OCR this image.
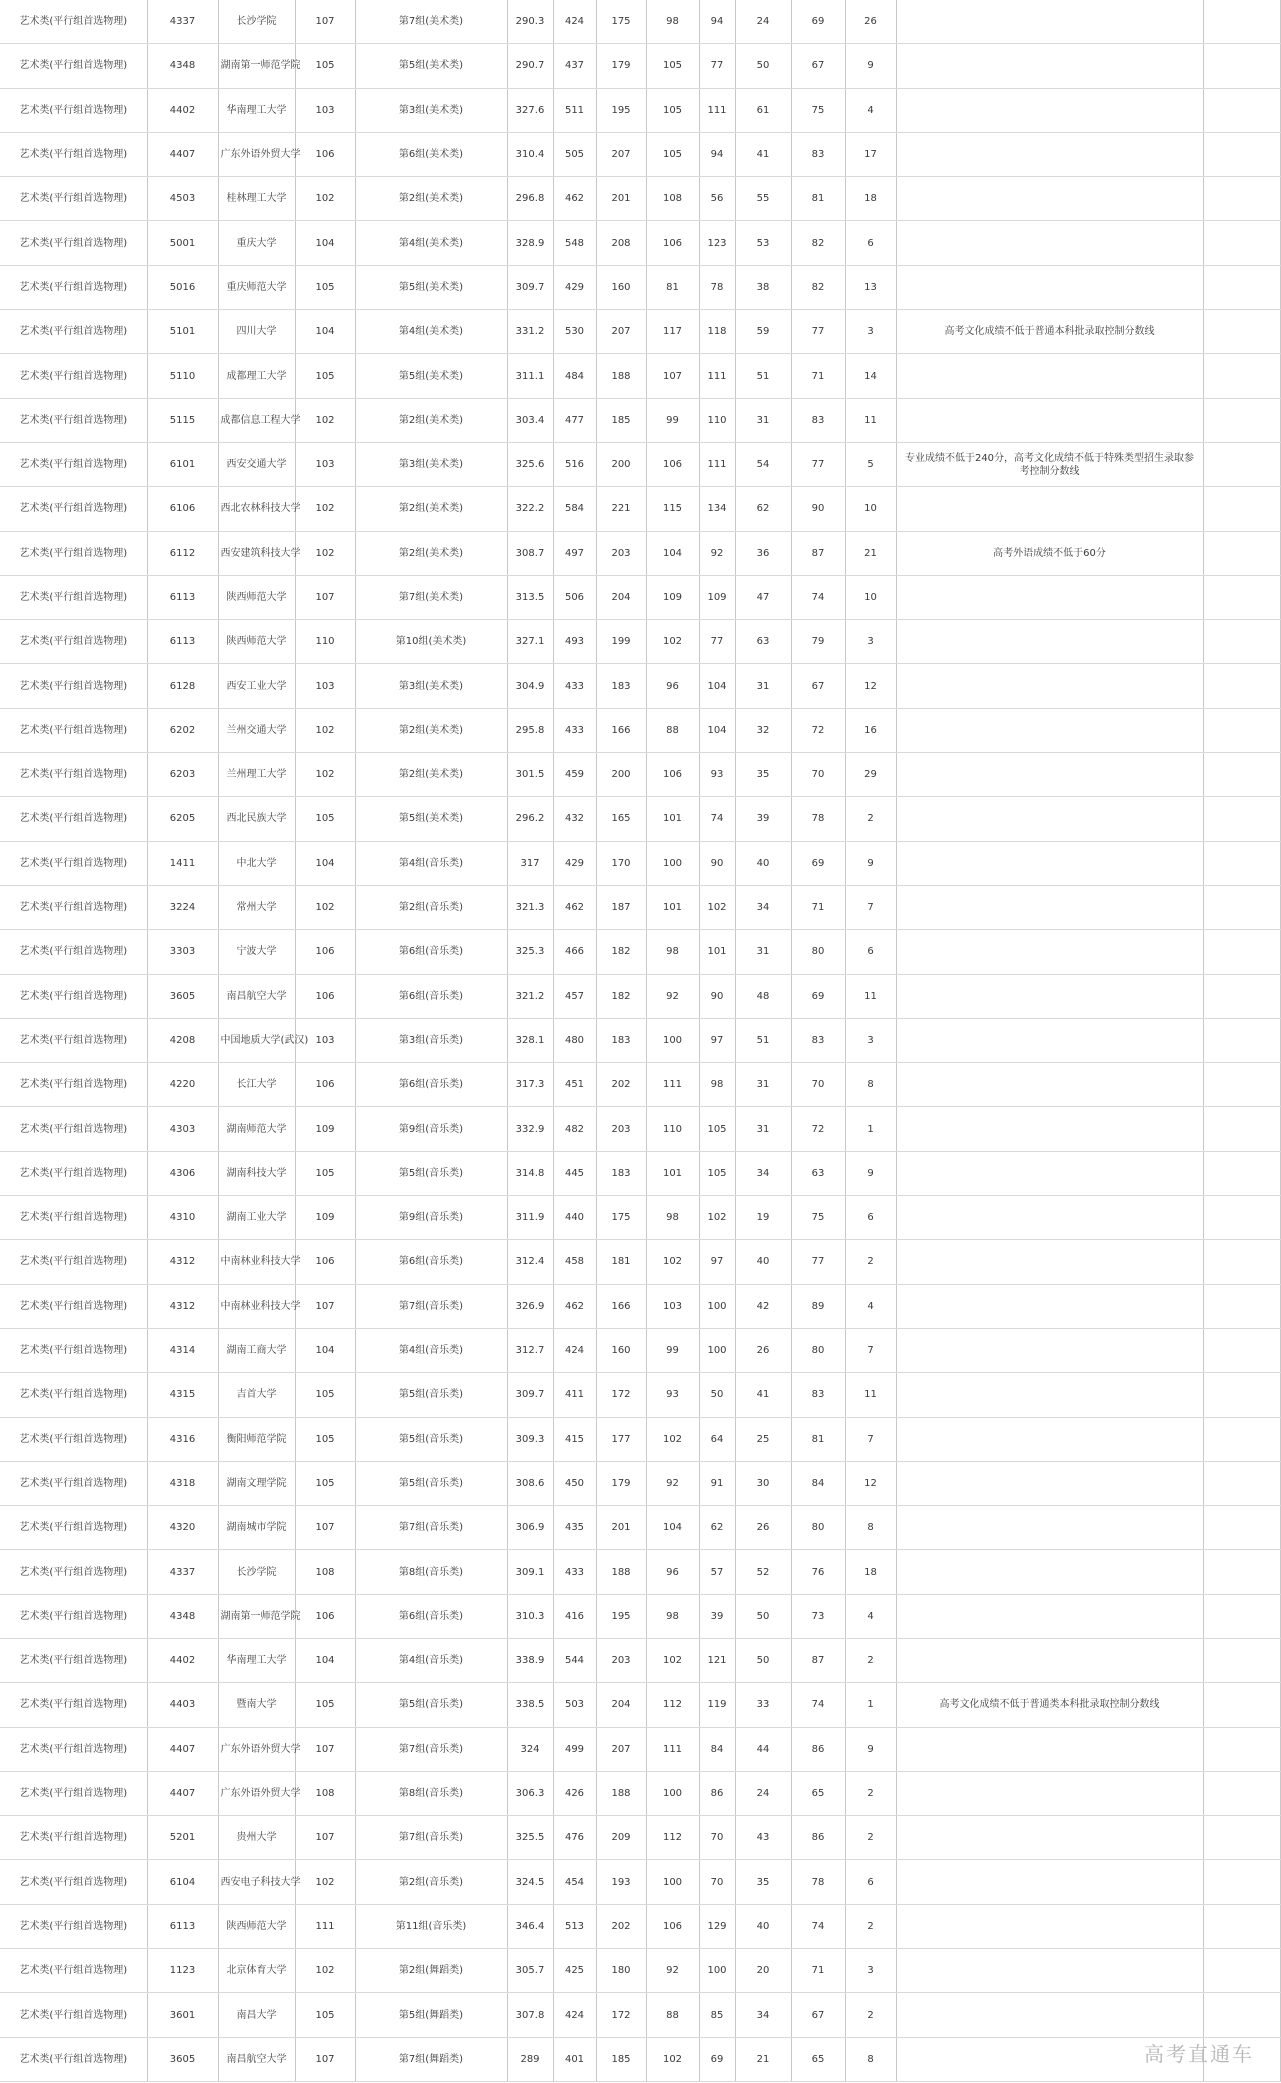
艺术类(平行组首选物理)	4337	长沙学院	107	第7组(美术类)	290.3	424	175	98	94	24	69	26		
艺术类(平行组首选物理)	4348	湖南第一师范学院	105	第5组(美术类)	290.7	437	179	105	77	50	67	9		
艺术类(平行组首选物理)	4402	华南理工大学	103	第3组(美术类)	327.6	511	195	105	111	61	75	4		
艺术类(平行组首选物理)	4407	广东外语外贸大学	106	第6组(美术类)	310.4	505	207	105	94	41	83	17		
艺术类(平行组首选物理)	4503	桂林理工大学	102	第2组(美术类)	296.8	462	201	108	56	55	81	18		
艺术类(平行组首选物理)	5001	重庆大学	104	第4组(美术类)	328.9	548	208	106	123	53	82	6		
艺术类(平行组首选物理)	5016	重庆师范大学	105	第5组(美术类)	309.7	429	160	81	78	38	82	13		
艺术类(平行组首选物理)	5101	四川大学	104	第4组(美术类)	331.2	530	207	117	118	59	77	3	高考文化成绩不低于普通本科批录取控制分数线	
艺术类(平行组首选物理)	5110	成都理工大学	105	第5组(美术类)	311.1	484	188	107	111	51	71	14		
艺术类(平行组首选物理)	5115	成都信息工程大学	102	第2组(美术类)	303.4	477	185	99	110	31	83	11		
艺术类(平行组首选物理)	6101	西安交通大学	103	第3组(美术类)	325.6	516	200	106	111	54	77	5	专业成绩不低于240分，高考文化成绩不低于特殊类型招生录取参考控制分数线	
艺术类(平行组首选物理)	6106	西北农林科技大学	102	第2组(美术类)	322.2	584	221	115	134	62	90	10		
艺术类(平行组首选物理)	6112	西安建筑科技大学	102	第2组(美术类)	308.7	497	203	104	92	36	87	21	高考外语成绩不低于60分	
艺术类(平行组首选物理)	6113	陕西师范大学	107	第7组(美术类)	313.5	506	204	109	109	47	74	10		
艺术类(平行组首选物理)	6113	陕西师范大学	110	第10组(美术类)	327.1	493	199	102	77	63	79	3		
艺术类(平行组首选物理)	6128	西安工业大学	103	第3组(美术类)	304.9	433	183	96	104	31	67	12		
艺术类(平行组首选物理)	6202	兰州交通大学	102	第2组(美术类)	295.8	433	166	88	104	32	72	16		
艺术类(平行组首选物理)	6203	兰州理工大学	102	第2组(美术类)	301.5	459	200	106	93	35	70	29		
艺术类(平行组首选物理)	6205	西北民族大学	105	第5组(美术类)	296.2	432	165	101	74	39	78	2		
艺术类(平行组首选物理)	1411	中北大学	104	第4组(音乐类)	317	429	170	100	90	40	69	9		
艺术类(平行组首选物理)	3224	常州大学	102	第2组(音乐类)	321.3	462	187	101	102	34	71	7		
艺术类(平行组首选物理)	3303	宁波大学	106	第6组(音乐类)	325.3	466	182	98	101	31	80	6		
艺术类(平行组首选物理)	3605	南昌航空大学	106	第6组(音乐类)	321.2	457	182	92	90	48	69	11		
艺术类(平行组首选物理)	4208	中国地质大学(武汉)	103	第3组(音乐类)	328.1	480	183	100	97	51	83	3		
艺术类(平行组首选物理)	4220	长江大学	106	第6组(音乐类)	317.3	451	202	111	98	31	70	8		
艺术类(平行组首选物理)	4303	湖南师范大学	109	第9组(音乐类)	332.9	482	203	110	105	31	72	1		
艺术类(平行组首选物理)	4306	湖南科技大学	105	第5组(音乐类)	314.8	445	183	101	105	34	63	9		
艺术类(平行组首选物理)	4310	湖南工业大学	109	第9组(音乐类)	311.9	440	175	98	102	19	75	6		
艺术类(平行组首选物理)	4312	中南林业科技大学	106	第6组(音乐类)	312.4	458	181	102	97	40	77	2		
艺术类(平行组首选物理)	4312	中南林业科技大学	107	第7组(音乐类)	326.9	462	166	103	100	42	89	4		
艺术类(平行组首选物理)	4314	湖南工商大学	104	第4组(音乐类)	312.7	424	160	99	100	26	80	7		
艺术类(平行组首选物理)	4315	吉首大学	105	第5组(音乐类)	309.7	411	172	93	50	41	83	11		
艺术类(平行组首选物理)	4316	衡阳师范学院	105	第5组(音乐类)	309.3	415	177	102	64	25	81	7		
艺术类(平行组首选物理)	4318	湖南文理学院	105	第5组(音乐类)	308.6	450	179	92	91	30	84	12		
艺术类(平行组首选物理)	4320	湖南城市学院	107	第7组(音乐类)	306.9	435	201	104	62	26	80	8		
艺术类(平行组首选物理)	4337	长沙学院	108	第8组(音乐类)	309.1	433	188	96	57	52	76	18		
艺术类(平行组首选物理)	4348	湖南第一师范学院	106	第6组(音乐类)	310.3	416	195	98	39	50	73	4		
艺术类(平行组首选物理)	4402	华南理工大学	104	第4组(音乐类)	338.9	544	203	102	121	50	87	2		
艺术类(平行组首选物理)	4403	暨南大学	105	第5组(音乐类)	338.5	503	204	112	119	33	74	1	高考文化成绩不低于普通类本科批录取控制分数线	
艺术类(平行组首选物理)	4407	广东外语外贸大学	107	第7组(音乐类)	324	499	207	111	84	44	86	9		
艺术类(平行组首选物理)	4407	广东外语外贸大学	108	第8组(音乐类)	306.3	426	188	100	86	24	65	2		
艺术类(平行组首选物理)	5201	贵州大学	107	第7组(音乐类)	325.5	476	209	112	70	43	86	2		
艺术类(平行组首选物理)	6104	西安电子科技大学	102	第2组(音乐类)	324.5	454	193	100	70	35	78	6		
艺术类(平行组首选物理)	6113	陕西师范大学	111	第11组(音乐类)	346.4	513	202	106	129	40	74	2		
艺术类(平行组首选物理)	1123	北京体育大学	102	第2组(舞蹈类)	305.7	425	180	92	100	20	71	3		
艺术类(平行组首选物理)	3601	南昌大学	105	第5组(舞蹈类)	307.8	424	172	88	85	34	67	2		
艺术类(平行组首选物理)	3605	南昌航空大学	107	第7组(舞蹈类)	289	401	185	102	69	21	65	8			高考直通车
